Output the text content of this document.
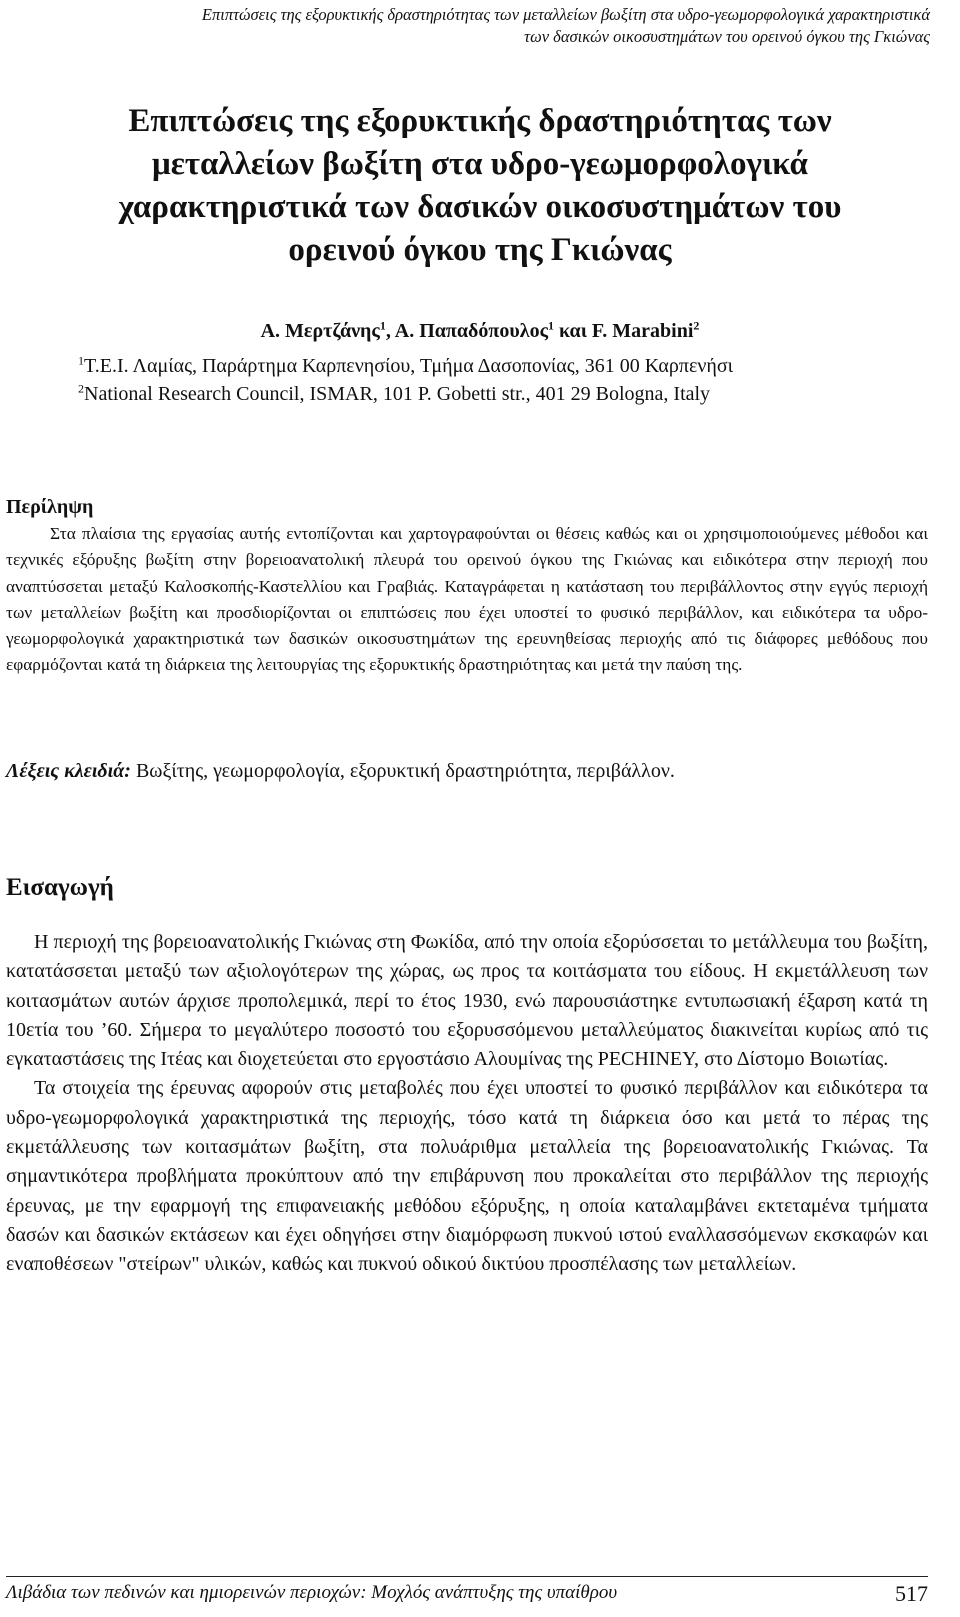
Επιπτώσεις της εξορυκτικής δραστηριότητας των μεταλλείων βωξίτη στα υδρο-γεωμορφολογικά χαρακτηριστικά
των δασικών οικοσυστημάτων του ορεινού όγκου της Γκιώνας
Επιπτώσεις της εξορυκτικής δραστηριότητας των
μεταλλείων βωξίτη στα υδρο-γεωμορφολογικά
χαρακτηριστικά των δασικών οικοσυστημάτων του
ορεινού όγκου της Γκιώνας
Α. Μερτζάνης$^1$, Α. Παπαδόπουλος$^1$ και F. Marabini$^2$
$^1$Τ.Ε.Ι. Λαμίας, Παράρτημα Καρπενησίου, Τμήμα Δασοπονίας, 361 00 Καρπενήσι
$^2$National Research Council, ISMAR, 101 P. Gobetti str., 401 29 Bologna, Italy
Περίληψη
Στα πλαίσια της εργασίας αυτής εντοπίζονται και χαρτογραφούνται οι θέσεις καθώς και οι χρησιμοποιούμενες μέθοδοι και τεχνικές εξόρυξης βωξίτη στην βορειοανατολική πλευρά του ορεινού όγκου της Γκιώνας και ειδικότερα στην περιοχή που αναπτύσσεται μεταξύ Καλοσκοπής-Καστελλίου και Γραβιάς. Καταγράφεται η κατάσταση του περιβάλλοντος στην εγγύς περιοχή των μεταλλείων βωξίτη και προσδιορίζονται οι επιπτώσεις που έχει υποστεί το φυσικό περιβάλλον, και ειδικότερα τα υδρο-γεωμορφολογικά χαρακτηριστικά των δασικών οικοσυστημάτων της ερευνηθείσας περιοχής από τις διάφορες μεθόδους που εφαρμόζονται κατά τη διάρκεια της λειτουργίας της εξορυκτικής δραστηριότητας και μετά την παύση της.
Λέξεις κλειδιά: Βωξίτης, γεωμορφολογία, εξορυκτική δραστηριότητα, περιβάλλον.
Εισαγωγή

Η περιοχή της βορειοανατολικής Γκιώνας στη Φωκίδα, από την οποία εξορύσσεται το μετάλλευμα του βωξίτη, κατατάσσεται μεταξύ των αξιολογότερων της χώρας, ως προς τα κοιτάσματα του είδους. Η εκμετάλλευση των κοιτασμάτων αυτών άρχισε προπολεμικά, περί το έτος 1930, ενώ παρουσιάστηκε εντυπωσιακή έξαρση κατά τη 10ετία του ’60. Σήμερα το μεγαλύτερο ποσοστό του εξορυσσόμενου μεταλλεύματος διακινείται κυρίως από τις εγκαταστάσεις της Ιτέας και διοχετεύεται στο εργοστάσιο Αλουμίνας της PECHINEY, στο Δίστομο Βοιωτίας.

Τα στοιχεία της έρευνας αφορούν στις μεταβολές που έχει υποστεί το φυσικό περιβάλλον και ειδικότερα τα υδρο-γεωμορφολογικά χαρακτηριστικά της περιοχής, τόσο κατά τη διάρκεια όσο και μετά το πέρας της εκμετάλλευσης των κοιτασμάτων βωξίτη, στα πολυάριθμα μεταλλεία της βορειοανατολικής Γκιώνας. Τα σημαντικότερα προβλήματα προκύπτουν από την επιβάρυνση που προκαλείται στο περιβάλλον της περιοχής έρευνας, με την εφαρμογή της επιφανειακής μεθόδου εξόρυξης, η οποία καταλαμβάνει εκτεταμένα τμήματα δασών και δασικών εκτάσεων και έχει οδηγήσει στην διαμόρφωση πυκνού ιστού εναλλασσόμενων εκσκαφών και εναποθέσεων "στείρων" υλικών, καθώς και πυκνού οδικού δικτύου προσπέλασης των μεταλλείων.

Λιβάδια των πεδινών και ημιορεινών περιοχών: Μοχλός ανάπτυξης της υπαίθρου	517
